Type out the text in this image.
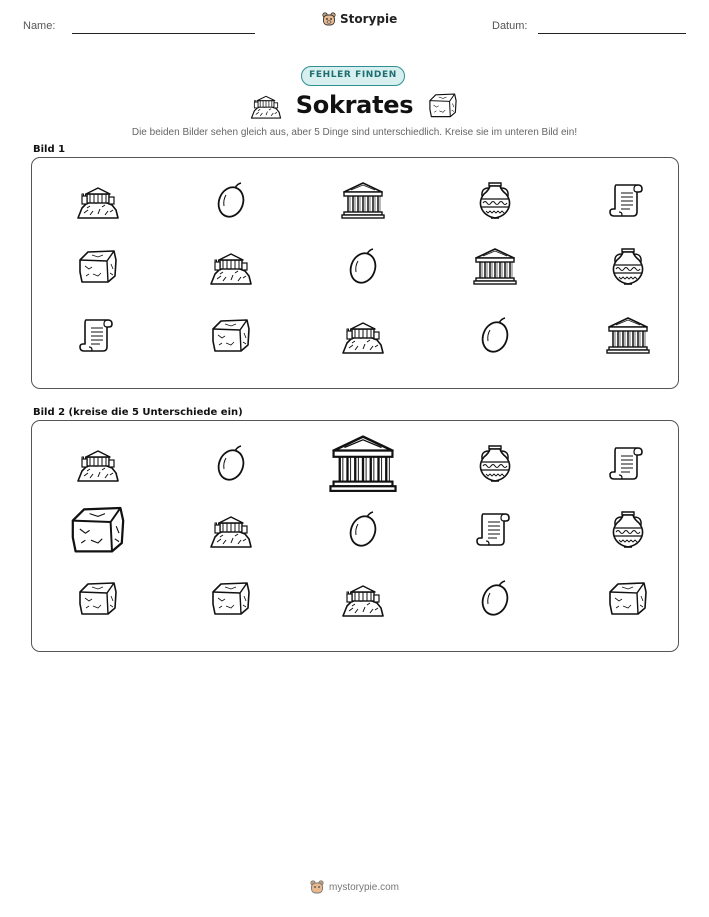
Name:	Storypie	Datum:
FEHLER FINDEN
Sokrates
Die beiden Bilder sehen gleich aus, aber 5 Dinge sind unterschiedlich. Kreise sie im unteren Bild ein!
Bild 1
Bild 2 (kreise die 5 Unterschiede ein)
mystorypie.com
